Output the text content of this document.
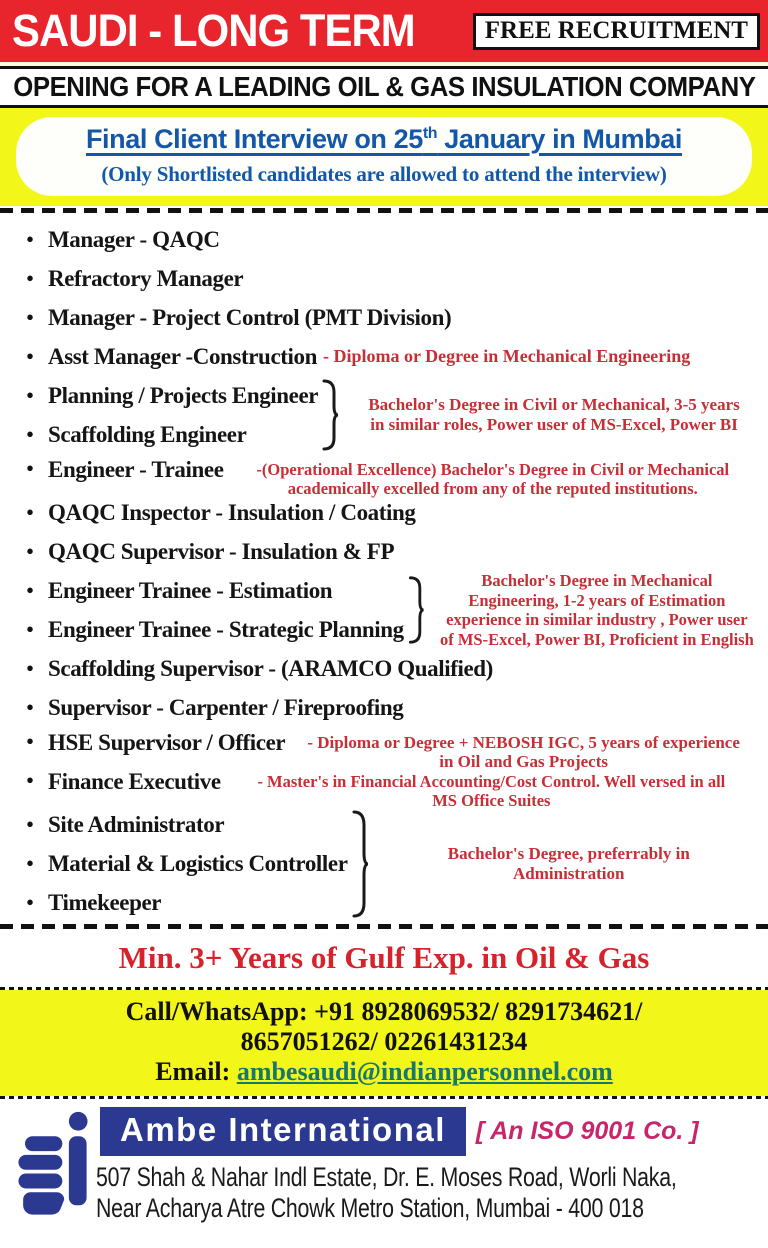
SAUDI - LONG TERM	FREE RECRUITMENT
OPENING FOR A LEADING OIL & GAS INSULATION COMPANY
Final Client Interview on 25th January in Mumbai
(Only Shortlisted candidates are allowed to attend the interview)
• Manager - QAQC
• Refractory Manager
• Manager - Project Control (PMT Division)
• Asst Manager -Construction - Diploma or Degree in Mechanical Engineering
• Planning / Projects Engineer
• Scaffolding Engineer
Bachelor's Degree in Civil or Mechanical, 3-5 years
in similar roles, Power user of MS-Excel, Power BI
• Engineer - Trainee	-(Operational Excellence) Bachelor's Degree in Civil or Mechanical
academically excelled from any of the reputed institutions.
• QAQC Inspector - Insulation / Coating
• QAQC Supervisor - Insulation & FP
• Engineer Trainee - Estimation
• Engineer Trainee - Strategic Planning
Bachelor's Degree in Mechanical
Engineering, 1-2 years of Estimation
experience in similar industry , Power user
of MS-Excel, Power BI, Proficient in English
• Scaffolding Supervisor - (ARAMCO Qualified)
• Supervisor - Carpenter / Fireproofing
• HSE Supervisor / Officer	- Diploma or Degree + NEBOSH IGC, 5 years of experience
in Oil and Gas Projects
• Finance Executive	- Master's in Financial Accounting/Cost Control. Well versed in all
MS Office Suites
• Site Administrator
• Material & Logistics Controller
• Timekeeper
Bachelor's Degree, preferrably in
Administration
Min. 3+ Years of Gulf Exp. in Oil & Gas
Call/WhatsApp: +91 8928069532/ 8291734621/
8657051262/ 02261431234
Email: ambesaudi@indianpersonnel.com
Ambe International	[ An ISO 9001 Co. ]
507 Shah & Nahar Indl Estate, Dr. E. Moses Road, Worli Naka,
Near Acharya Atre Chowk Metro Station, Mumbai - 400 018
